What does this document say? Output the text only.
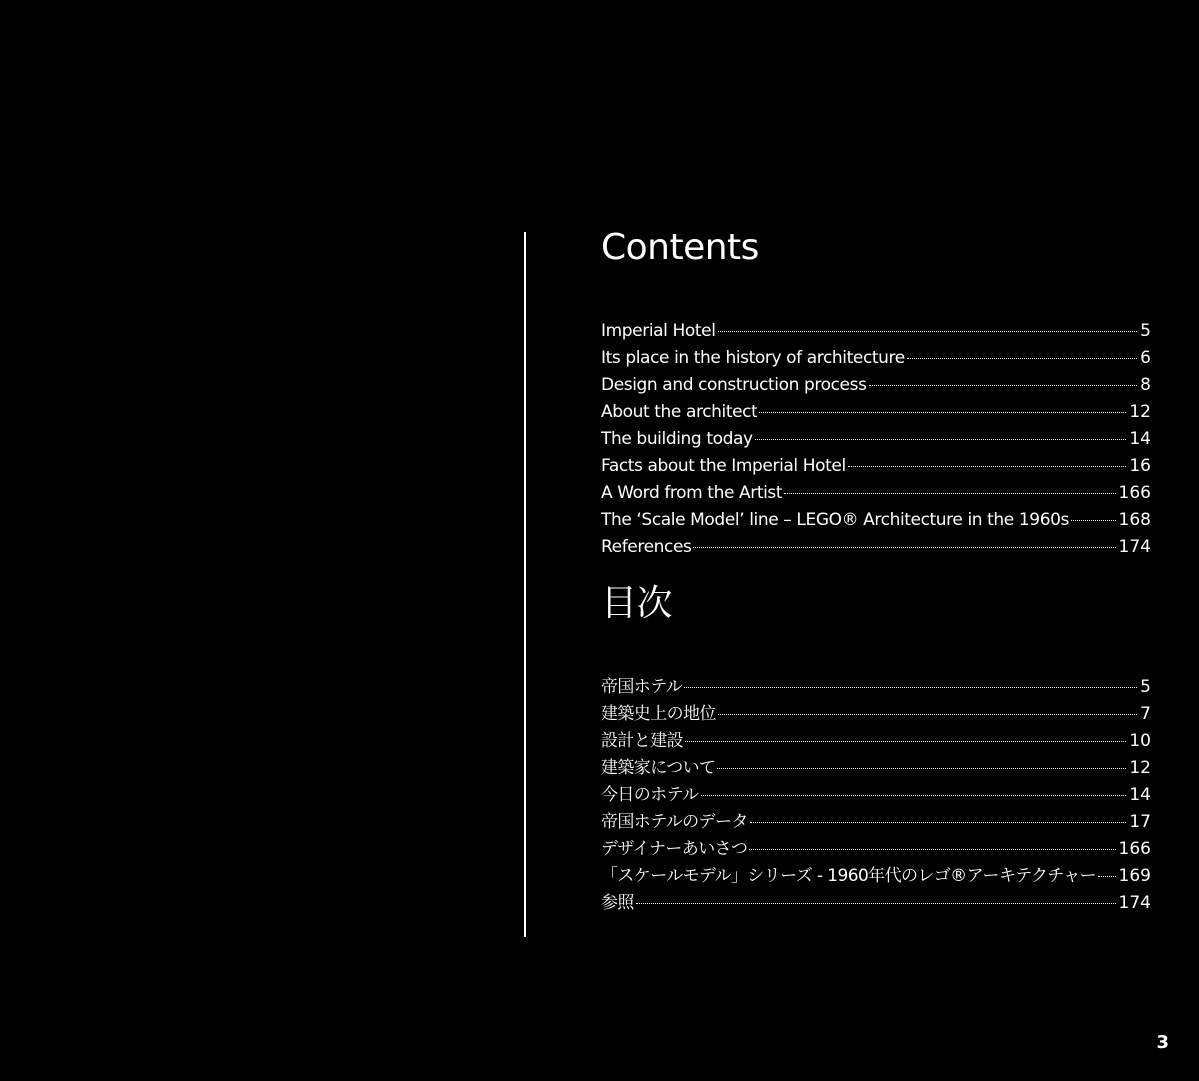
Contents
Imperial Hotel	5
Its place in the history of architecture	6
Design and construction process	8
About the architect	12
The building today	14
Facts about the Imperial Hotel	16
A Word from the Artist	166
The ‘Scale Model’ line – LEGO® Architecture in the 1960s	168
References	174
目次
帝国ホテル	5
建築史上の地位	7
設計と建設	10
建築家について	12
今日のホテル	14
帝国ホテルのデータ	17
デザイナーあいさつ	166
「スケールモデル」シリーズ - 1960年代のレゴ®アーキテクチャー 169
参照	174
3
